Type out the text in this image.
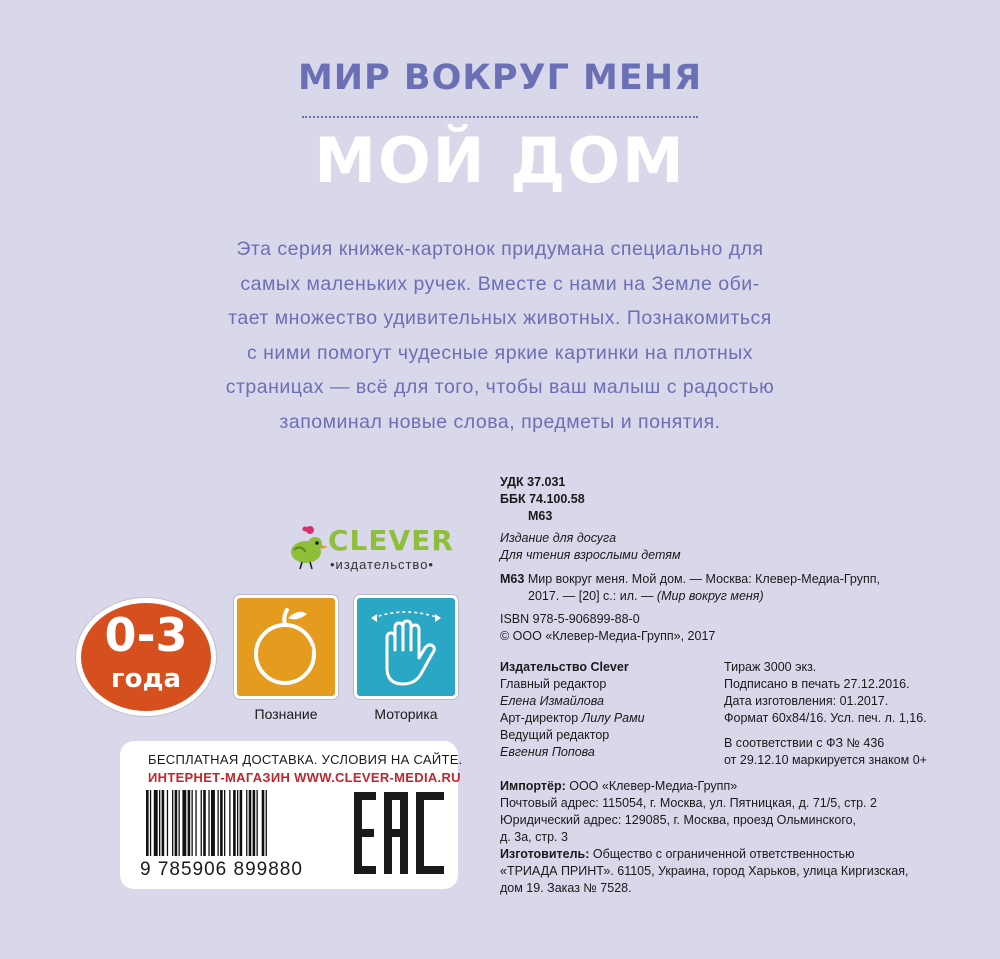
МИР ВОКРУГ МЕНЯ
МОЙ ДОМ
Эта серия книжек-картонок придумана специально для
самых маленьких ручек. Вместе с нами на Земле оби-
тает множество удивительных животных. Познакомиться
с ними помогут чудесные яркие картинки на плотных
страницах — всё для того, чтобы ваш малыш с радостью
запоминал новые слова, предметы и понятия.
CLEVER
•издательство•
0-3
года
Познание	Моторика
БЕСПЛАТНАЯ ДОСТАВКА. УСЛОВИЯ НА САЙТЕ.
ИНТЕРНЕТ-МАГАЗИН WWW.CLEVER-MEDIA.RU
9 785906 899880
УДК 37.031
ББК 74.100.58
М63
Издание для досуга
Для чтения взрослыми детям
М63 Мир вокруг меня. Мой дом. — Москва: Клевер-Медиа-Групп,
2017. — [20] с.: ил. — (Мир вокруг меня)
ISBN 978-5-906899-88-0
© ООО «Клевер-Медиа-Групп», 2017
Издательство Clever
Главный редактор
Елена Измайлова
Арт-директор Лилу Рами
Ведущий редактор
Евгения Попова
Тираж 3000 экз.
Подписано в печать 27.12.2016.
Дата изготовления: 01.2017.
Формат 60х84/16. Усл. печ. л. 1,16.
В соответствии с ФЗ № 436
от 29.12.10 маркируется знаком 0+
Импортёр: ООО «Клевер-Медиа-Групп»
Почтовый адрес: 115054, г. Москва, ул. Пятницкая, д. 71/5, стр. 2
Юридический адрес: 129085, г. Москва, проезд Ольминского,
д. 3а, стр. 3
Изготовитель: Общество с ограниченной ответственностью
«ТРИАДА ПРИНТ». 61105, Украина, город Харьков, улица Киргизская,
дом 19. Заказ № 7528.
